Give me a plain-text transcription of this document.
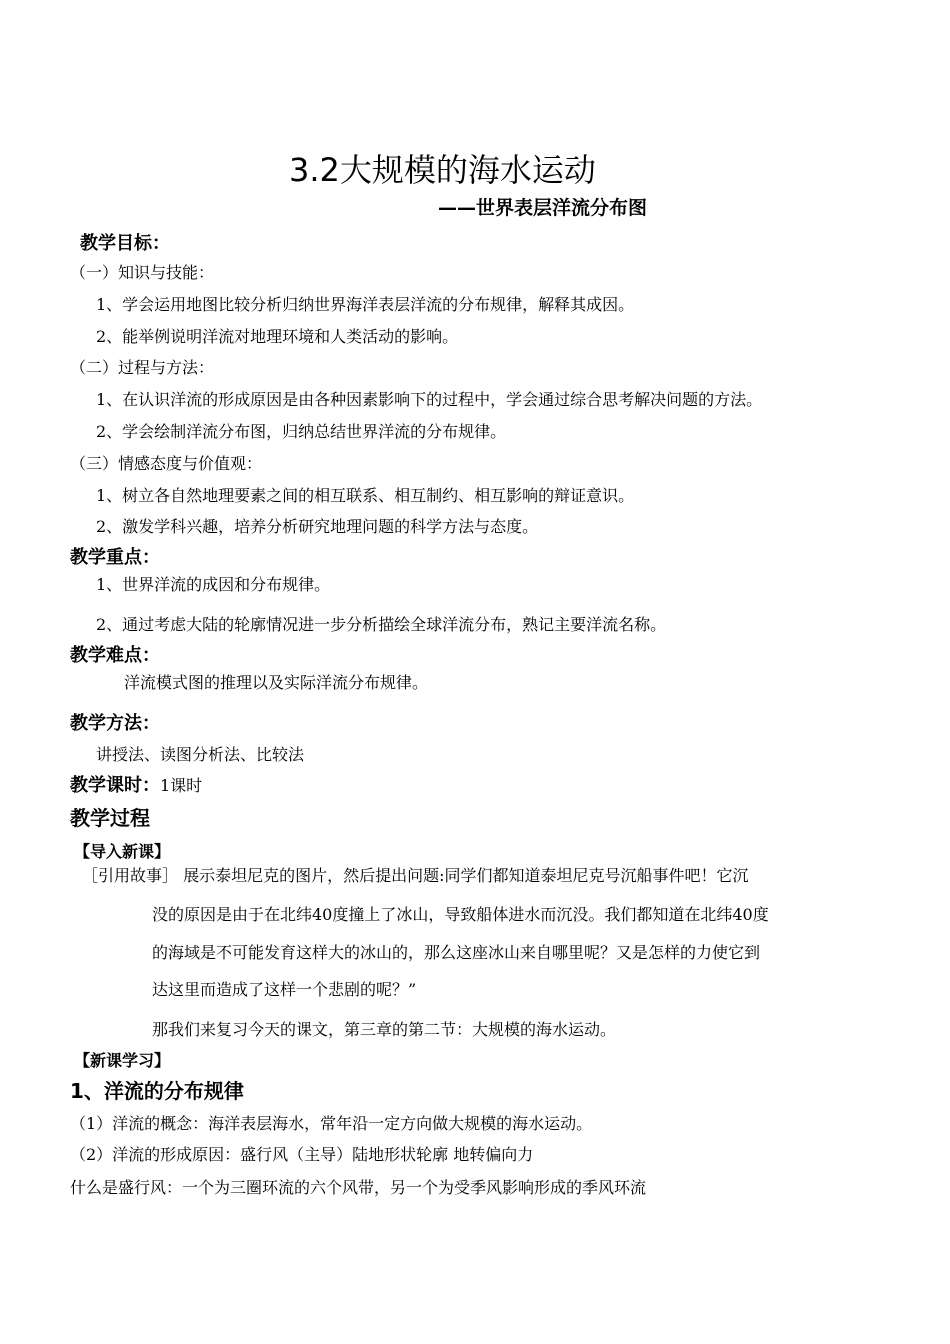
3.2大规模的海水运动
——世界表层洋流分布图
教学目标：
（一）知识与技能：
1、学会运用地图比较分析归纳世界海洋表层洋流的分布规律，解释其成因。
2、能举例说明洋流对地理环境和人类活动的影响。
（二）过程与方法：
1、在认识洋流的形成原因是由各种因素影响下的过程中，学会通过综合思考解决问题的方法。
2、学会绘制洋流分布图，归纳总结世界洋流的分布规律。
（三）情感态度与价值观：
1、树立各自然地理要素之间的相互联系、相互制约、相互影响的辩证意识。
2、激发学科兴趣，培养分析研究地理问题的科学方法与态度。
教学重点：
1、世界洋流的成因和分布规律。
2、通过考虑大陆的轮廓情况进一步分析描绘全球洋流分布，熟记主要洋流名称。
教学难点：
洋流模式图的推理以及实际洋流分布规律。
教学方法：
讲授法、读图分析法、比较法
教学课时：1课时
教学过程
【导入新课】
［引用故事］ 展示泰坦尼克的图片，然后提出问题:同学们都知道泰坦尼克号沉船事件吧！它沉
没的原因是由于在北纬40度撞上了冰山，导致船体进水而沉没。我们都知道在北纬40度
的海域是不可能发育这样大的冰山的，那么这座冰山来自哪里呢？又是怎样的力使它到
达这里而造成了这样一个悲剧的呢？”
那我们来复习今天的课文，第三章的第二节：大规模的海水运动。
【新课学习】
1、洋流的分布规律
（1）洋流的概念：海洋表层海水，常年沿一定方向做大规模的海水运动。
（2）洋流的形成原因：盛行风（主导）陆地形状轮廓 地转偏向力
什么是盛行风：一个为三圈环流的六个风带，另一个为受季风影响形成的季风环流
